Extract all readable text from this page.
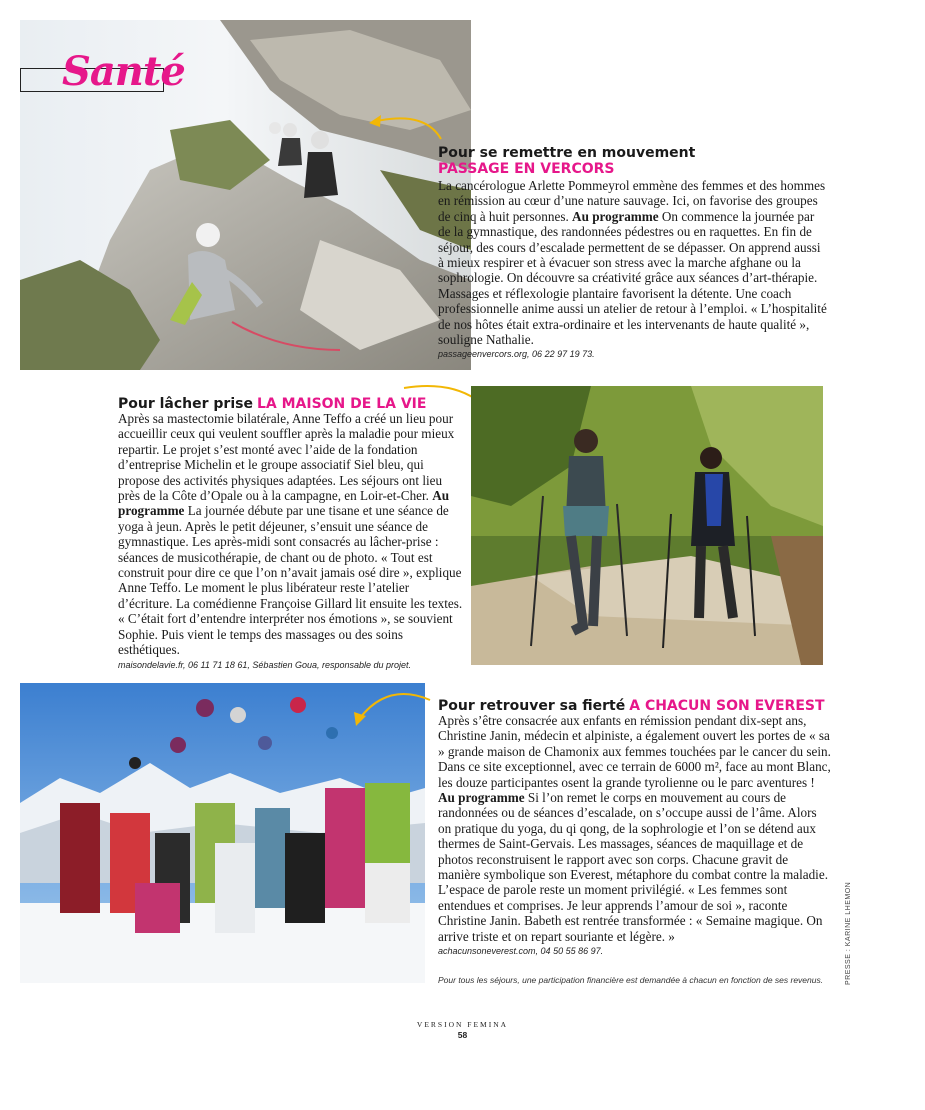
Santé
Pour se remettre en mouvement
PASSAGE EN VERCORS

La cancérologue Arlette Pommeyrol emmène des femmes et des hommes en rémission au cœur d’une nature sauvage. Ici, on favorise des groupes de cinq à huit personnes. Au programme On commence la journée par de la gymnastique, des randonnées pédestres ou en raquettes. En fin de séjour, des cours d’escalade permettent de se dépasser. On apprend aussi à mieux respirer et à évacuer son stress avec la marche afghane ou la sophrologie. On découvre sa créativité grâce aux séances d’art-thérapie. Massages et réflexologie plantaire favorisent la détente. Une coach professionnelle anime aussi un atelier de retour à l’emploi. « L’hospitalité de nos hôtes était extra-ordinaire et les intervenants de haute qualité », souligne Nathalie.

passageenvercors.org, 06 22 97 19 73.
Pour lâcher prise LA MAISON DE LA VIE

Après sa mastectomie bilatérale, Anne Teffo a créé un lieu pour accueillir ceux qui veulent souffler après la maladie pour mieux repartir. Le projet s’est monté avec l’aide de la fondation d’entreprise Michelin et le groupe associatif Siel bleu, qui propose des activités physiques adaptées. Les séjours ont lieu près de la Côte d’Opale ou à la campagne, en Loir-et-Cher. Au programme La journée débute par une tisane et une séance de yoga à jeun. Après le petit déjeuner, s’ensuit une séance de gymnastique. Les après-midi sont consacrés au lâcher-prise : séances de musicothérapie, de chant ou de photo. « Tout est construit pour dire ce que l’on n’avait jamais osé dire », explique Anne Teffo. Le moment le plus libérateur reste l’atelier d’écriture. La comédienne Françoise Gillard lit ensuite les textes. « C’était fort d’entendre interpréter nos émotions », se souvient Sophie. Puis vient le temps des massages ou des soins esthétiques.

maisondelavie.fr, 06 11 71 18 61, Sébastien Goua, responsable du projet.
Pour retrouver sa fierté A CHACUN SON EVEREST

Après s’être consacrée aux enfants en rémission pendant dix-sept ans, Christine Janin, médecin et alpiniste, a également ouvert les portes de « sa » grande maison de Chamonix aux femmes touchées par le cancer du sein. Dans ce site exceptionnel, avec ce terrain de 6000 m², face au mont Blanc, les douze participantes osent la grande tyrolienne ou le parc aventures ! Au programme Si l’on remet le corps en mouvement au cours de randonnées ou de séances d’escalade, on s’occupe aussi de l’âme. Alors on pratique du yoga, du qi qong, de la sophrologie et l’on se détend aux thermes de Saint-Gervais. Les massages, séances de maquillage et de photos reconstruisent le rapport avec son corps. Chacune gravit de manière symbolique son Everest, métaphore du combat contre la maladie. L’espace de parole reste un moment privilégié. « Les femmes sont entendues et comprises. Je leur apprends l’amour de soi », raconte Christine Janin. Babeth est rentrée transformée : « Semaine magique. On arrive triste et on repart souriante et légère. »

achacunsoneverest.com, 04 50 55 86 97.
Pour tous les séjours, une participation financière est demandée à chacun en fonction de ses revenus.	PRESSE : KARINE LHEMON
VERSION FEMINA
58
